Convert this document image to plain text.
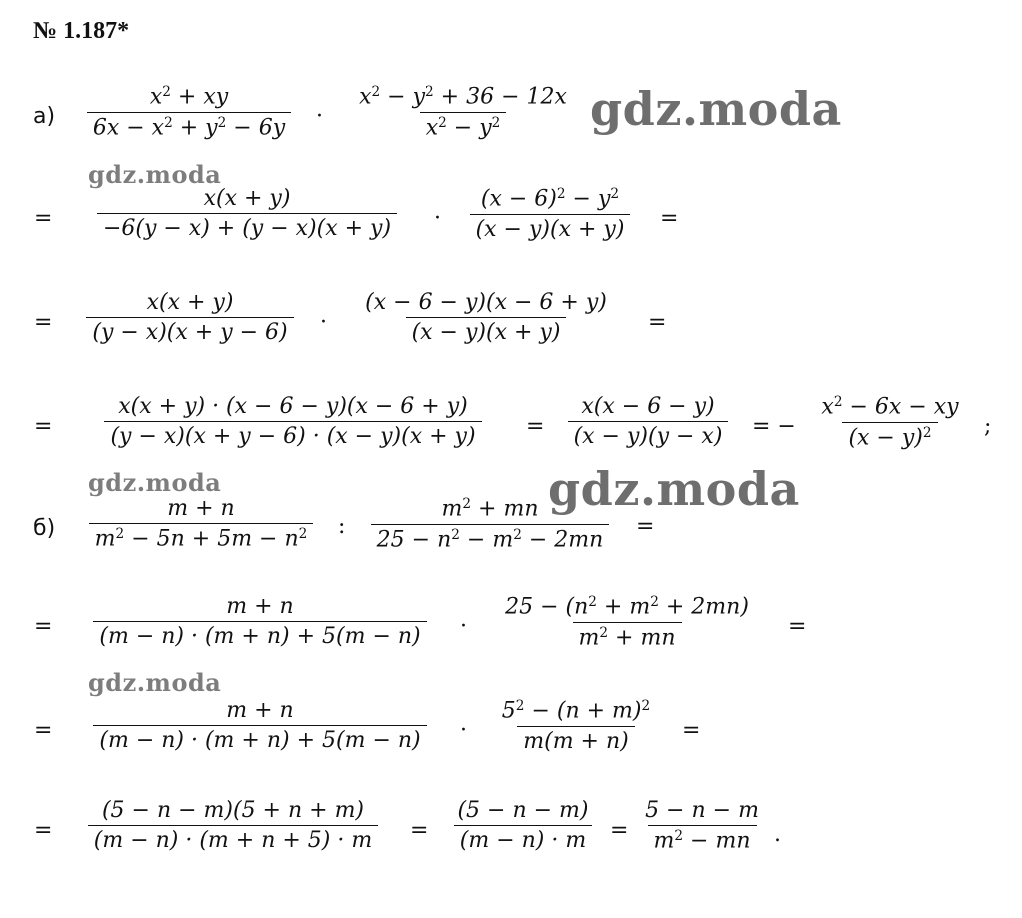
№ 1.187*
$а) \frac{x^2 + xy}{6x - x^2 + y^2 - 6y} \cdot \frac{x^2 - y^2 + 36 - 12x}{x^2 - y^2}$
= $\frac{x(x + y)}{-6(y - x) + (y - x)(x + y)} \cdot \frac{(x - 6)^2 - y^2}{(x - y)(x + y)}$ =
= $\frac{x(x + y)}{(y - x)(x + y - 6)} \cdot \frac{(x - 6 - y)(x - 6 + y)}{(x - y)(x + y)}$ =
= $\frac{x(x + y) \cdot (x - 6 - y)(x - 6 + y)}{(y - x)(x + y - 6) \cdot (x - y)(x + y)} = \frac{x(x - 6 - y)}{(x - y)(y - x)}$ = − $\frac{x^2 - 6x - xy}{(x - y)^2}$ ;
$б) \frac{m + n}{m^2 - 5n + 5m - n^2}$ : $\frac{m^2 + mn}{25 - n^2 - m^2 - 2mn}$ =
= $\frac{m + n}{(m - n) \cdot (m + n) + 5(m - n)} \cdot \frac{25 - (n^2 + m^2 + 2mn)}{m^2 + mn}$ =
= $\frac{m + n}{(m - n) \cdot (m + n) + 5(m - n)} \cdot \frac{5^2 - (n + m)^2}{m(m + n)}$ =
= $\frac{(5 - n - m)(5 + n + m)}{(m - n) \cdot (m + n + 5) \cdot m} = \frac{(5 - n - m)}{(m - n) \cdot m} = \frac{5 - n - m}{m^2 - mn}$ .
gdz.moda
gdz.moda
gdz.moda	gdz.moda
gdz.moda
